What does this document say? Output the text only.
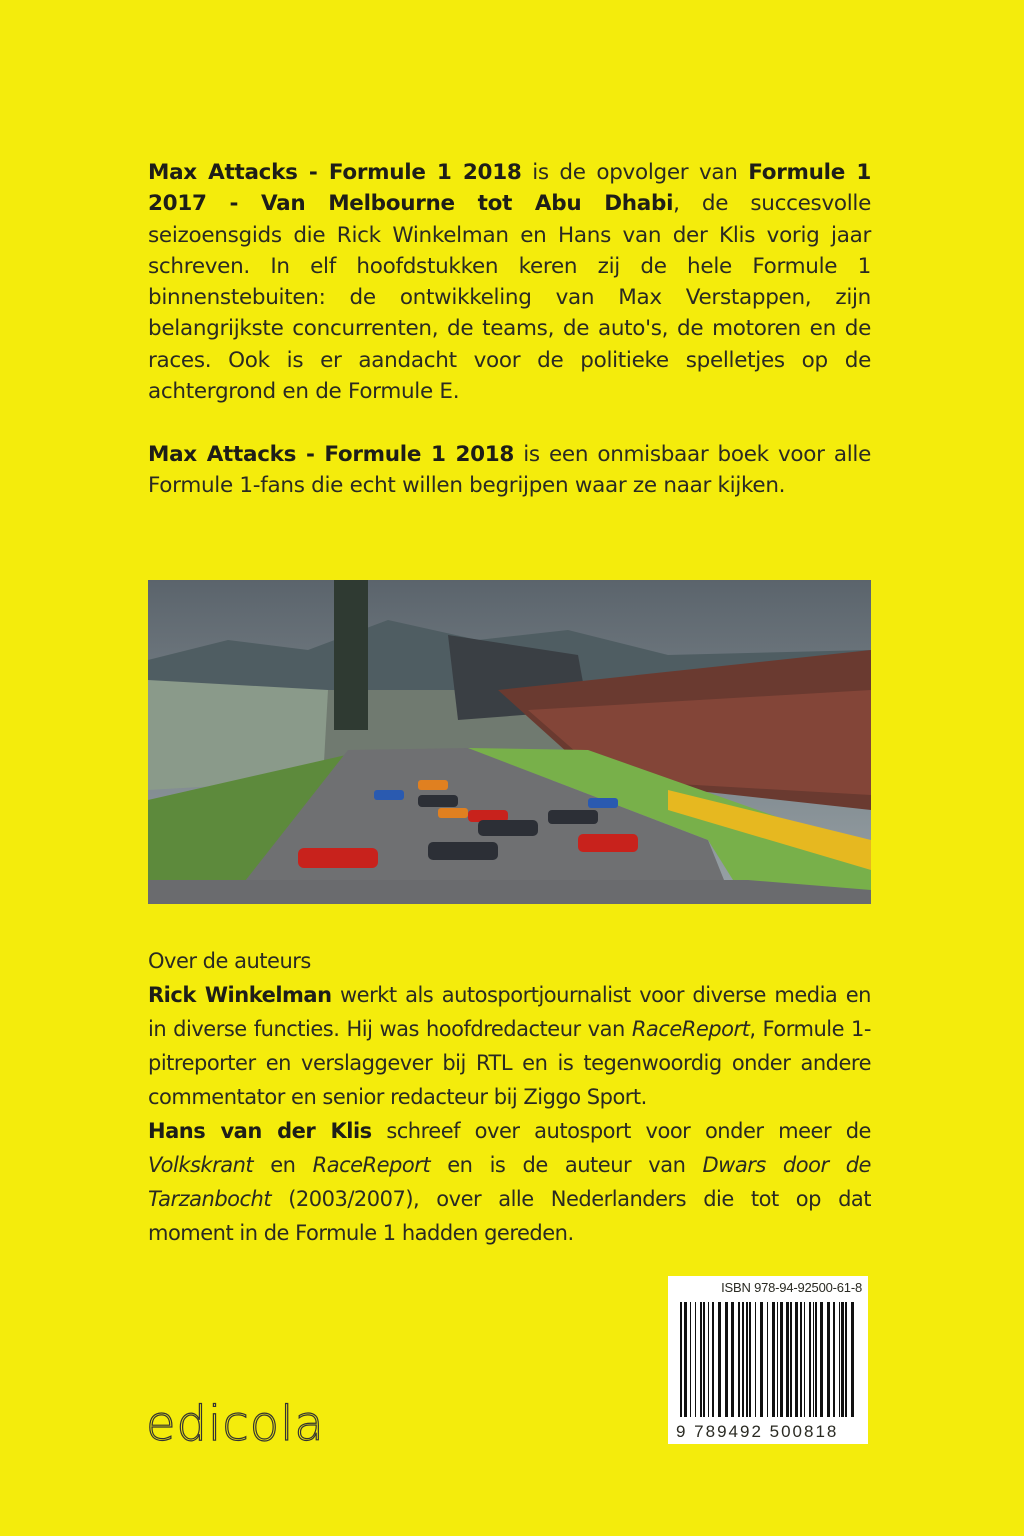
Max Attacks - Formule 1 2018 is de opvolger van Formule 1 2017 - Van Melbourne tot Abu Dhabi, de succesvolle seizoensgids die Rick Winkelman en Hans van der Klis vorig jaar schreven. In elf hoofdstukken keren zij de hele Formule 1 binnenstebuiten: de ontwikkeling van Max Verstappen, zijn belangrijkste concurrenten, de teams, de auto's, de motoren en de races. Ook is er aandacht voor de politieke spelletjes op de achtergrond en de Formule E.
Max Attacks - Formule 1 2018 is een onmisbaar boek voor alle Formule 1-fans die echt willen begrijpen waar ze naar kijken.
Over de auteurs
Rick Winkelman werkt als autosportjournalist voor diverse media en in diverse functies. Hij was hoofdredacteur van RaceReport, Formule 1-pitreporter en verslaggever bij RTL en is tegenwoordig onder andere commentator en senior redacteur bij Ziggo Sport.
Hans van der Klis schreef over autosport voor onder meer de Volkskrant en RaceReport en is de auteur van Dwars door de Tarzanbocht (2003/2007), over alle Nederlanders die tot op dat moment in de Formule 1 hadden gereden.
ISBN 978-94-92500-61-8
9 789492 500818
edicola
